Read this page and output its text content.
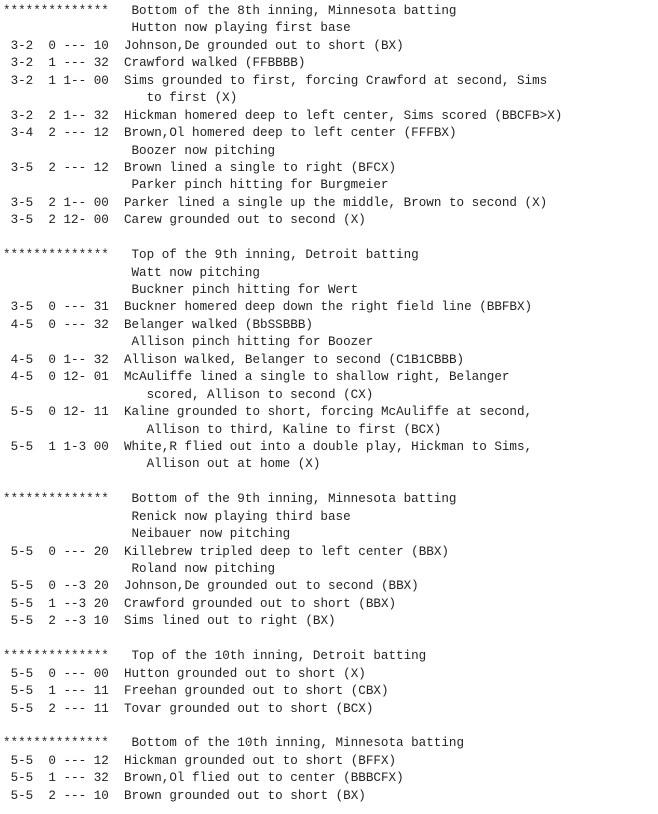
************** Bottom of the 8th inning, Minnesota batting
Hutton now playing first base
3-2 0 --- 10 Johnson,De grounded out to short (BX)
3-2 1 --- 32 Crawford walked (FFBBBB)
3-2 1 1-- 00 Sims grounded to first, forcing Crawford at second, Sims
to first (X)
3-2 2 1-- 32 Hickman homered deep to left center, Sims scored (BBCFB>X)
3-4 2 --- 12 Brown,Ol homered deep to left center (FFFBX)
Boozer now pitching
3-5 2 --- 12 Brown lined a single to right (BFCX)
Parker pinch hitting for Burgmeier
3-5 2 1-- 00 Parker lined a single up the middle, Brown to second (X)
3-5 2 12- 00 Carew grounded out to second (X)
************** Top of the 9th inning, Detroit batting
Watt now pitching
Buckner pinch hitting for Wert
3-5 0 --- 31 Buckner homered deep down the right field line (BBFBX)
4-5 0 --- 32 Belanger walked (BbSSBBB)
Allison pinch hitting for Boozer
4-5 0 1-- 32 Allison walked, Belanger to second (C1B1CBBB)
4-5 0 12- 01 McAuliffe lined a single to shallow right, Belanger
scored, Allison to second (CX)
5-5 0 12- 11 Kaline grounded to short, forcing McAuliffe at second,
Allison to third, Kaline to first (BCX)
5-5 1 1-3 00 White,R flied out into a double play, Hickman to Sims,
Allison out at home (X)
************** Bottom of the 9th inning, Minnesota batting
Renick now playing third base
Neibauer now pitching
5-5 0 --- 20 Killebrew tripled deep to left center (BBX)
Roland now pitching
5-5 0 --3 20 Johnson,De grounded out to second (BBX)
5-5 1 --3 20 Crawford grounded out to short (BBX)
5-5 2 --3 10 Sims lined out to right (BX)
************** Top of the 10th inning, Detroit batting
5-5 0 --- 00 Hutton grounded out to short (X)
5-5 1 --- 11 Freehan grounded out to short (CBX)
5-5 2 --- 11 Tovar grounded out to short (BCX)
************** Bottom of the 10th inning, Minnesota batting
5-5 0 --- 12 Hickman grounded out to short (BFFX)
5-5 1 --- 32 Brown,Ol flied out to center (BBBCFX)
5-5 2 --- 10 Brown grounded out to short (BX)
